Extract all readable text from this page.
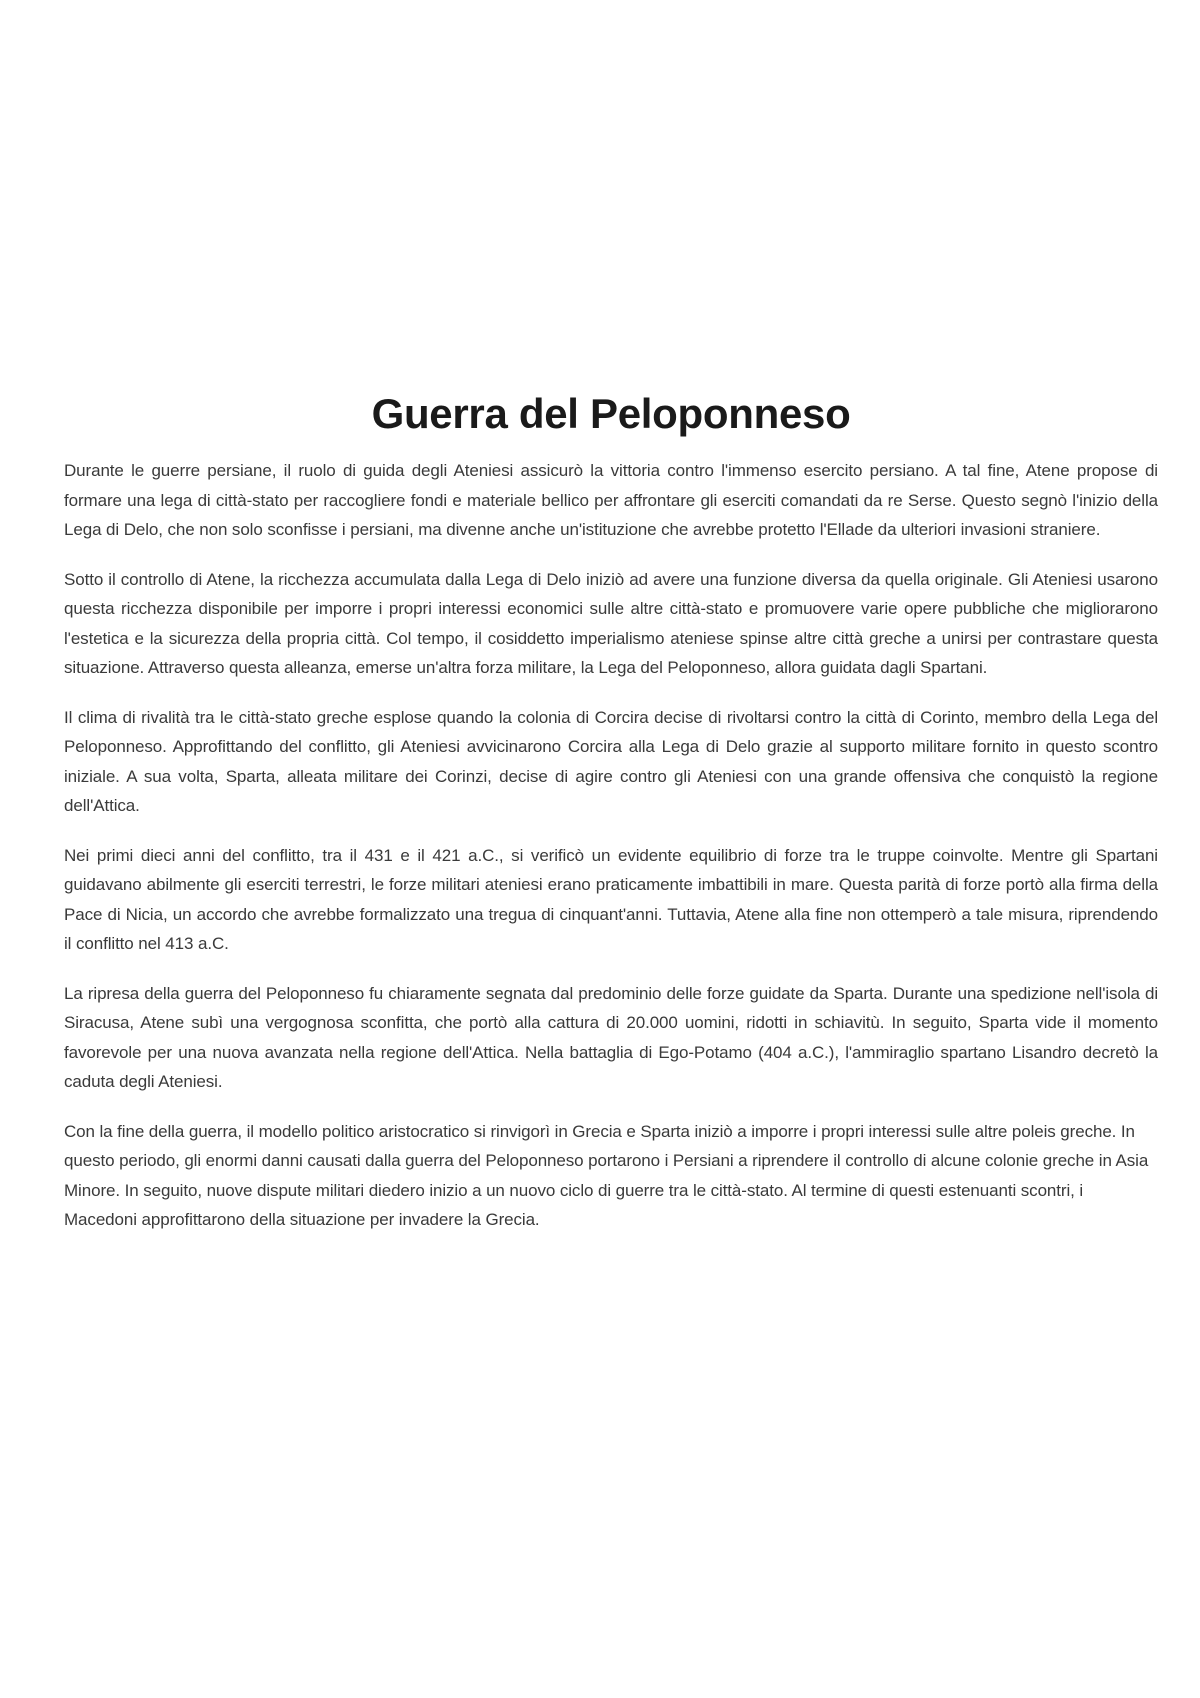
Guerra del Peloponneso

Durante le guerre persiane, il ruolo di guida degli Ateniesi assicurò la vittoria contro l'immenso esercito persiano. A tal fine, Atene propose di formare una lega di città-stato per raccogliere fondi e materiale bellico per affrontare gli eserciti comandati da re Serse. Questo segnò l'inizio della Lega di Delo, che non solo sconfisse i persiani, ma divenne anche un'istituzione che avrebbe protetto l'Ellade da ulteriori invasioni straniere.

Sotto il controllo di Atene, la ricchezza accumulata dalla Lega di Delo iniziò ad avere una funzione diversa da quella originale. Gli Ateniesi usarono questa ricchezza disponibile per imporre i propri interessi economici sulle altre città-stato e promuovere varie opere pubbliche che migliorarono l'estetica e la sicurezza della propria città. Col tempo, il cosiddetto imperialismo ateniese spinse altre città greche a unirsi per contrastare questa situazione. Attraverso questa alleanza, emerse un'altra forza militare, la Lega del Peloponneso, allora guidata dagli Spartani.

Il clima di rivalità tra le città-stato greche esplose quando la colonia di Corcira decise di rivoltarsi contro la città di Corinto, membro della Lega del Peloponneso. Approfittando del conflitto, gli Ateniesi avvicinarono Corcira alla Lega di Delo grazie al supporto militare fornito in questo scontro iniziale. A sua volta, Sparta, alleata militare dei Corinzi, decise di agire contro gli Ateniesi con una grande offensiva che conquistò la regione dell'Attica.

Nei primi dieci anni del conflitto, tra il 431 e il 421 a.C., si verificò un evidente equilibrio di forze tra le truppe coinvolte. Mentre gli Spartani guidavano abilmente gli eserciti terrestri, le forze militari ateniesi erano praticamente imbattibili in mare. Questa parità di forze portò alla firma della Pace di Nicia, un accordo che avrebbe formalizzato una tregua di cinquant'anni. Tuttavia, Atene alla fine non ottemperò a tale misura, riprendendo il conflitto nel 413 a.C.

La ripresa della guerra del Peloponneso fu chiaramente segnata dal predominio delle forze guidate da Sparta. Durante una spedizione nell'isola di Siracusa, Atene subì una vergognosa sconfitta, che portò alla cattura di 20.000 uomini, ridotti in schiavitù. In seguito, Sparta vide il momento favorevole per una nuova avanzata nella regione dell'Attica. Nella battaglia di Ego-Potamo (404 a.C.), l'ammiraglio spartano Lisandro decretò la caduta degli Ateniesi.

Con la fine della guerra, il modello politico aristocratico si rinvigorì in Grecia e Sparta iniziò a imporre i propri interessi sulle altre poleis greche. In questo periodo, gli enormi danni causati dalla guerra del Peloponneso portarono i Persiani a riprendere il controllo di alcune colonie greche in Asia Minore. In seguito, nuove dispute militari diedero inizio a un nuovo ciclo di guerre tra le città-stato. Al termine di questi estenuanti scontri, i Macedoni approfittarono della situazione per invadere la Grecia.
